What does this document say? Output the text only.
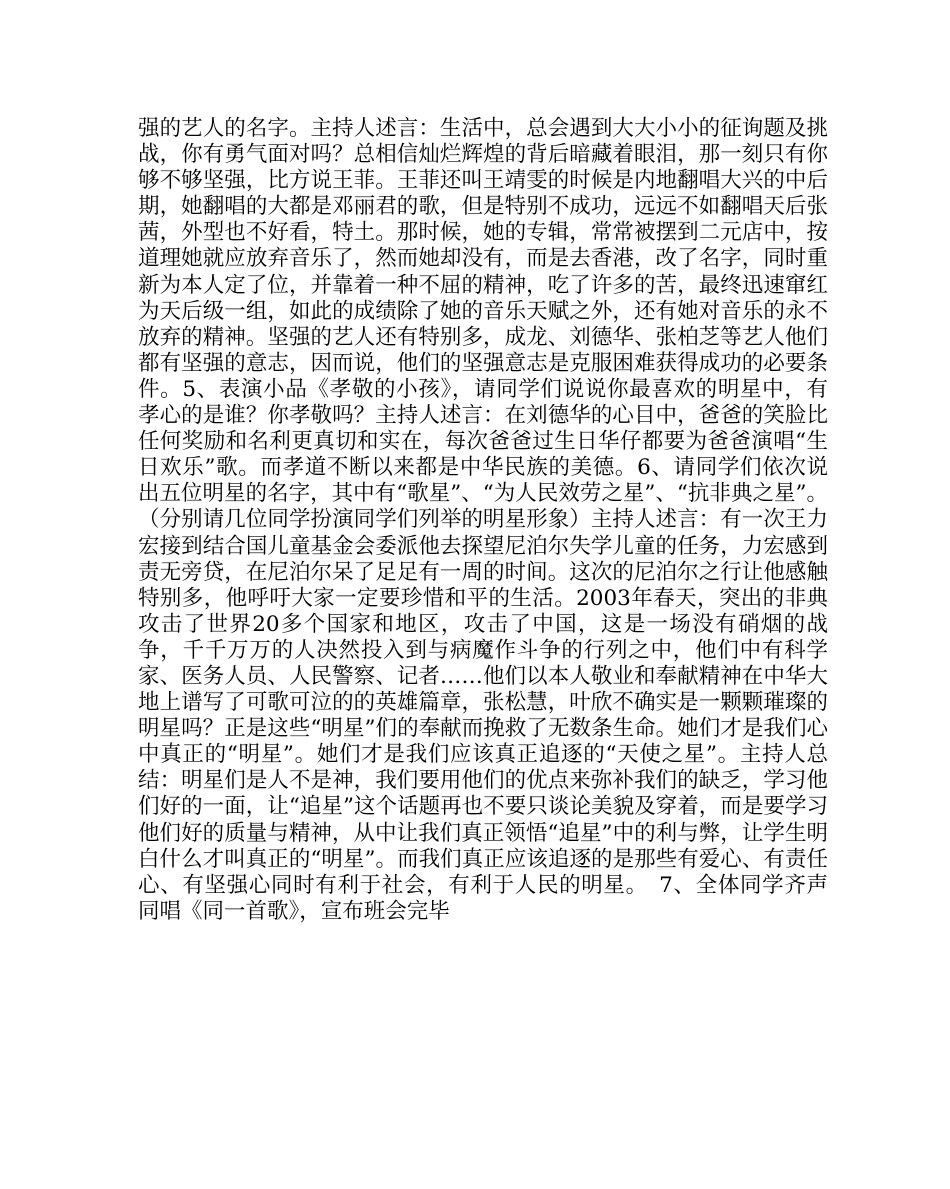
强的艺人的名字。主持人述言：生活中，总会遇到大大小小的征询题及挑战，你有勇气面对吗？总相信灿烂辉煌的背后暗藏着眼泪，那一刻只有你够不够坚强，比方说王菲。王菲还叫王靖雯的时候是内地翻唱大兴的中后期，她翻唱的大都是邓丽君的歌，但是特别不成功，远远不如翻唱天后张茜，外型也不好看，特土。那时候，她的专辑，常常被摆到二元店中，按道理她就应放弃音乐了，然而她却没有，而是去香港，改了名字，同时重新为本人定了位，并靠着一种不屈的精神，吃了许多的苦，最终迅速窜红为天后级一组，如此的成绩除了她的音乐天赋之外，还有她对音乐的永不放弃的精神。坚强的艺人还有特别多，成龙、刘德华、张柏芝等艺人他们都有坚强的意志，因而说，他们的坚强意志是克服困难获得成功的必要条件。5、表演小品《孝敬的小孩》，请同学们说说你最喜欢的明星中，有孝心的是谁？你孝敬吗？主持人述言：在刘德华的心目中，爸爸的笑脸比任何奖励和名利更真切和实在，每次爸爸过生日华仔都要为爸爸演唱“生日欢乐”歌。而孝道不断以来都是中华民族的美德。6、请同学们依次说出五位明星的名字，其中有“歌星”、“为人民效劳之星”、“抗非典之星”。（分别请几位同学扮演同学们列举的明星形象）主持人述言：有一次王力宏接到结合国儿童基金会委派他去探望尼泊尔失学儿童的任务，力宏感到责无旁贷，在尼泊尔呆了足足有一周的时间。这次的尼泊尔之行让他感触特别多，他呼吁大家一定要珍惜和平的生活。2003年春天，突出的非典攻击了世界20多个国家和地区，攻击了中国，这是一场没有硝烟的战争，千千万万的人决然投入到与病魔作斗争的行列之中，他们中有科学家、医务人员、人民警察、记者……他们以本人敬业和奉献精神在中华大地上谱写了可歌可泣的的英雄篇章，张松慧，叶欣不确实是一颗颗璀璨的明星吗？正是这些“明星”们的奉献而挽救了无数条生命。她们才是我们心中真正的“明星”。她们才是我们应该真正追逐的“天使之星”。主持人总结：明星们是人不是神，我们要用他们的优点来弥补我们的缺乏，学习他们好的一面，让“追星”这个话题再也不要只谈论美貌及穿着，而是要学习他们好的质量与精神，从中让我们真正领悟“追星”中的利与弊，让学生明白什么才叫真正的“明星”。而我们真正应该追逐的是那些有爱心、有责任心、有坚强心同时有利于社会，有利于人民的明星。　7、全体同学齐声同唱《同一首歌》，宣布班会完毕
